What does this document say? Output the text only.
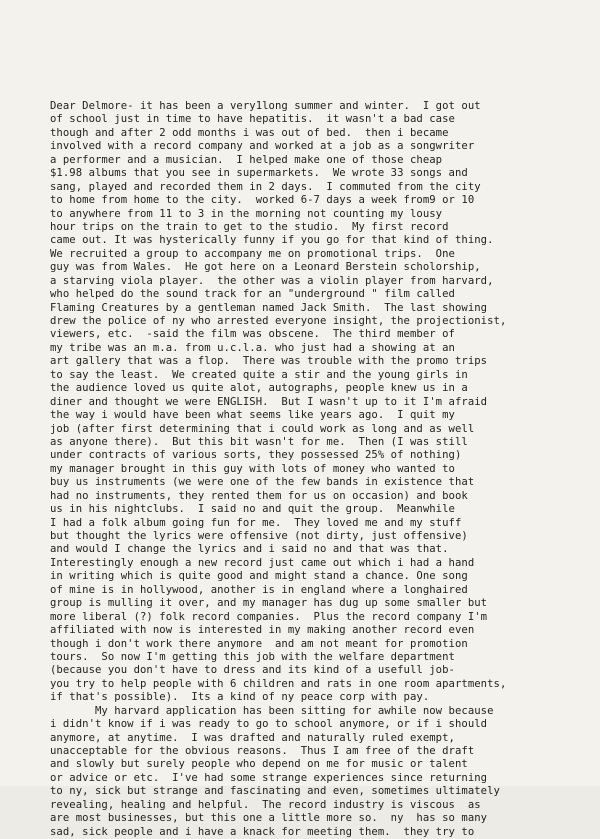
Dear Delmore- it has been a very1long summer and winter.  I got out
of school just in time to have hepatitis.  it wasn't a bad case
though and after 2 odd months i was out of bed.  then i became
involved with a record company and worked at a job as a songwriter
a performer and a musician.  I helped make one of those cheap
$1.98 albums that you see in supermarkets.  We wrote 33 songs and
sang, played and recorded them in 2 days.  I commuted from the city
to home from home to the city.  worked 6-7 days a week from9 or 10
to anywhere from 11 to 3 in the morning not counting my lousy
hour trips on the train to get to the studio.  My first record
came out. It was hysterically funny if you go for that kind of thing.
We recruited a group to accompany me on promotional trips.  One
guy was from Wales.  He got here on a Leonard Berstein scholorship,
a starving viola player.  the other was a violin player from harvard,
who helped do the sound track for an "underground " film called
Flaming Creatures by a gentleman named Jack Smith.  The last showing
drew the police of ny who arrested everyone insight, the projectionist,
viewers, etc.  -said the film was obscene.  The third member of
my tribe was an m.a. from u.c.l.a. who just had a showing at an
art gallery that was a flop.  There was trouble with the promo trips
to say the least.  We created quite a stir and the young girls in
the audience loved us quite alot, autographs, people knew us in a
diner and thought we were ENGLISH.  But I wasn't up to it I'm afraid
the way i would have been what seems like years ago.  I quit my
job (after first determining that i could work as long and as well
as anyone there).  But this bit wasn't for me.  Then (I was still
under contracts of various sorts, they possessed 25% of nothing)
my manager brought in this guy with lots of money who wanted to
buy us instruments (we were one of the few bands in existence that
had no instruments, they rented them for us on occasion) and book
us in his nightclubs.  I said no and quit the group.  Meanwhile
I had a folk album going fun for me.  They loved me and my stuff
but thought the lyrics were offensive (not dirty, just offensive)
and would I change the lyrics and i said no and that was that.
Interestingly enough a new record just came out which i had a hand
in writing which is quite good and might stand a chance. One song
of mine is in hollywood, another is in england where a longhaired
group is mulling it over, and my manager has dug up some smaller but
more liberal (?) folk record companies.  Plus the record company I'm
affiliated with now is interested in my making another record even
though i don't work there anymore  and am not meant for promotion
tours.  So now I'm getting this job with the welfare department
(because you don't have to dress and its kind of a usefull job-
you try to help people with 6 children and rats in one room apartments,
if that's possible).  Its a kind of ny peace corp with pay.
My harvard application has been sitting for awhile now because
i didn't know if i was ready to go to school anymore, or if i should
anymore, at anytime.  I was drafted and naturally ruled exempt,
unacceptable for the obvious reasons.  Thus I am free of the draft
and slowly but surely people who depend on me for music or talent
or advice or etc.  I've had some strange experiences since returning
to ny, sick but strange and fascinating and even, sometimes ultimately
revealing, healing and helpful.  The record industry is viscous  as
are most businesses, but this one a little more so.  ny  has so many
sad, sick people and i have a knack for meeting them.  they try to
